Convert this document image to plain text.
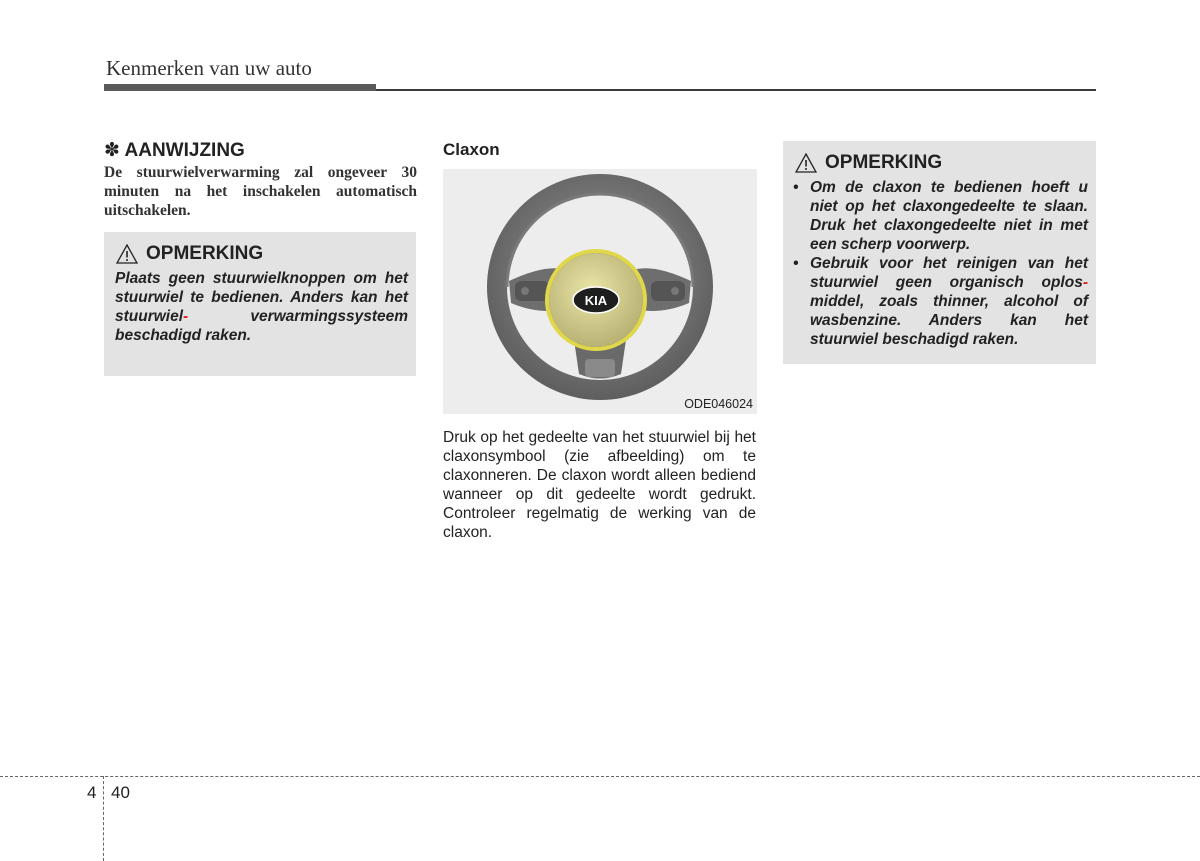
Kenmerken van uw auto
✽ AANWIJZING
De stuurwielverwarming zal ongeveer 30 minuten na het inschakelen automatisch uitschakelen.
OPMERKING
Plaats geen stuurwielknoppen om het stuurwiel te bedienen. Anders kan het stuurwiel-	verwarmingssysteem beschadigd raken.
Claxon
KIA
ODE046024
Druk op het gedeelte van het stuurwiel bij het claxonsymbool (zie afbeelding) om te claxonneren. De claxon wordt alleen bediend wanneer op dit gedeelte wordt gedrukt. Controleer regelmatig de werking van de claxon.
OPMERKING
• Om de claxon te bedienen hoeft u niet op het claxongedeelte te slaan. Druk het claxongedeelte niet in met een scherp voorwerp.
• Gebruik voor het reinigen van het stuurwiel geen organisch oplos- middel, zoals thinner, alcohol of wasbenzine. Anders kan het stuurwiel beschadigd raken.
4 40
